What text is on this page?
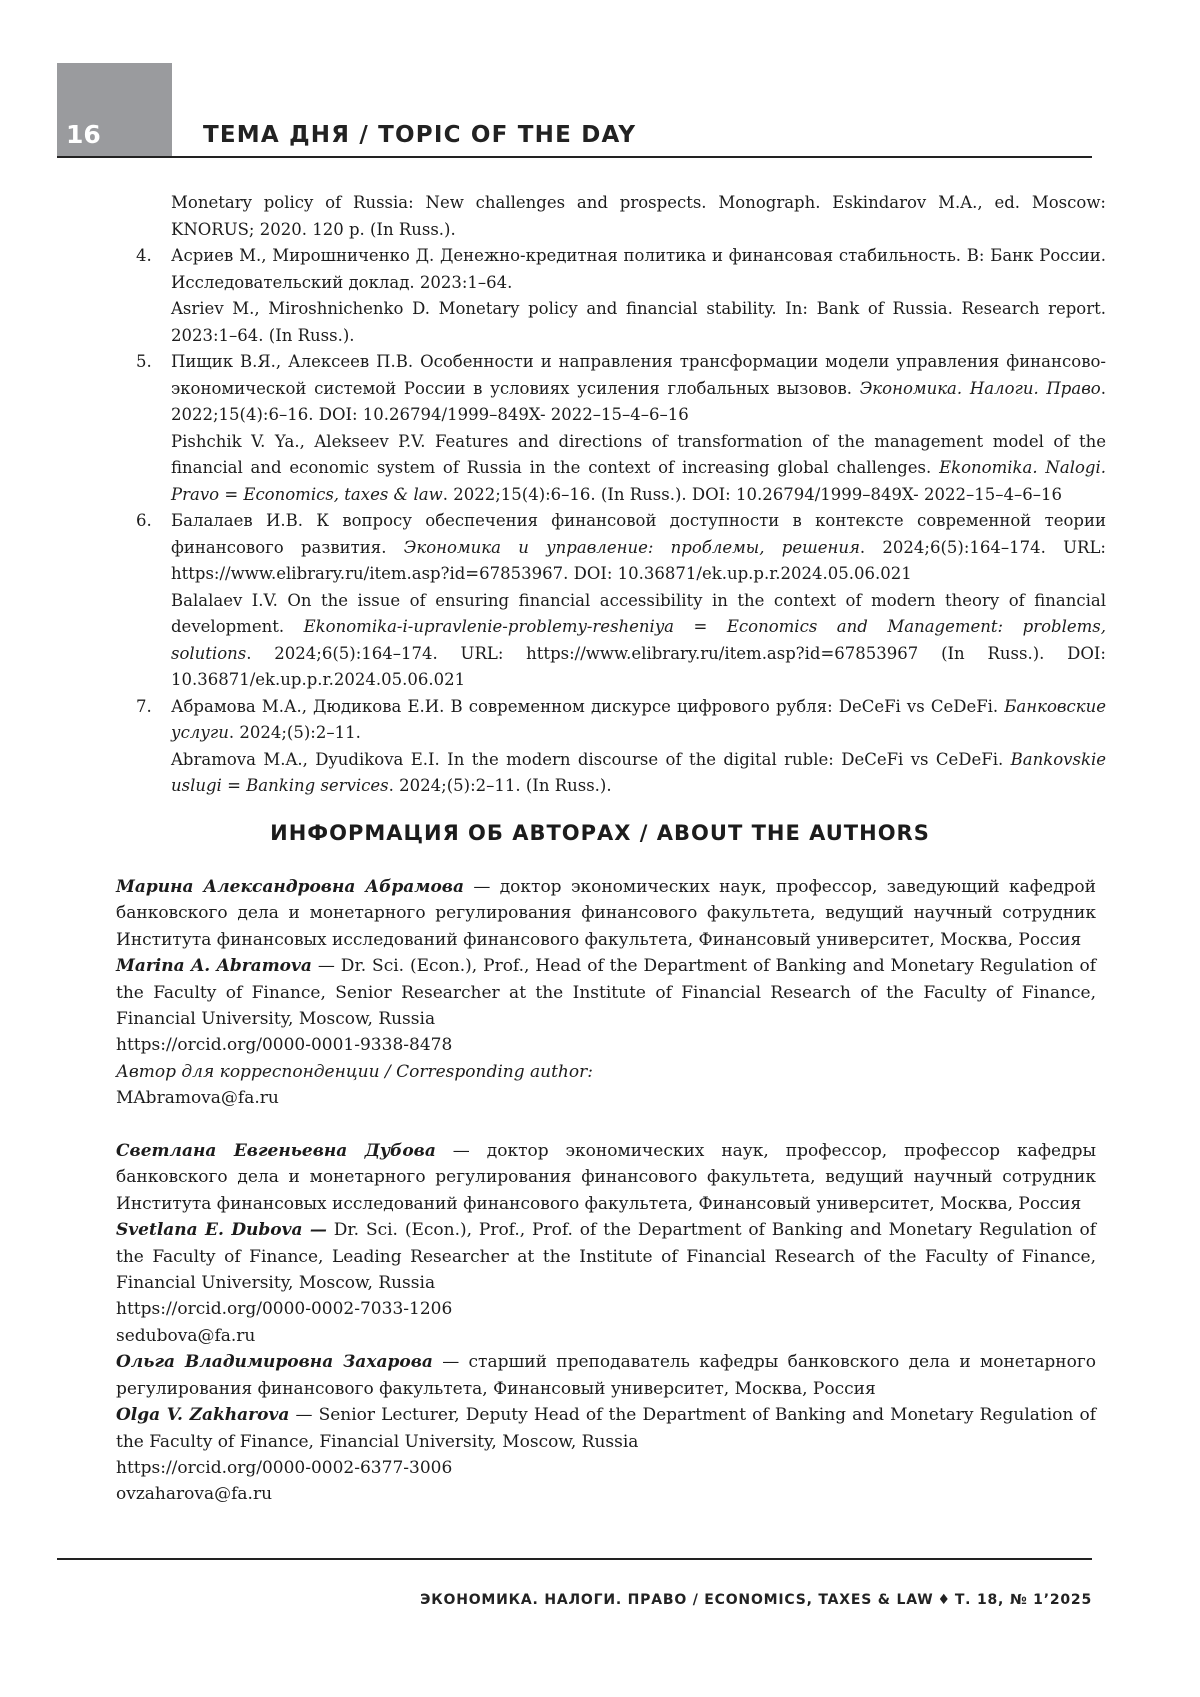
16	ТЕМА ДНЯ / TOPIC OF THE DAY

Monetary policy of Russia: New challenges and prospects. Monograph. Eskindarov M.A., ed. Moscow: KNORUS; 2020. 120 p. (In Russ.).

4. Асриев М., Мирошниченко Д. Денежно-кредитная политика и финансовая стабильность. В: Банк России. Исследовательский доклад. 2023:1–64.

Asriev M., Miroshnichenko D. Monetary policy and financial stability. In: Bank of Russia. Research report. 2023:1–64. (In Russ.).

5. Пищик В.Я., Алексеев П.В. Особенности и направления трансформации модели управления финансово-экономической системой России в условиях усиления глобальных вызовов. Экономика. Налоги. Право. 2022;15(4):6–16. DOI: 10.26794/1999–849X- 2022–15–4–6–16

Pishchik V. Ya., Alekseev P.V. Features and directions of transformation of the management model of the financial and economic system of Russia in the context of increasing global challenges. Ekonomika. Nalogi. Pravo = Economics, taxes & law. 2022;15(4):6–16. (In Russ.). DOI: 10.26794/1999–849X- 2022–15–4–6–16

6. Балалаев И.В. К вопросу обеспечения финансовой доступности в контексте современной теории финансового развития. Экономика и управление: проблемы, решения. 2024;6(5):164–174. URL: https://www.elibrary.ru/item.asp?id=67853967. DOI: 10.36871/ek.up.p.r.2024.05.06.021

Balalaev I.V. On the issue of ensuring financial accessibility in the context of modern theory of financial development. Ekonomika-i-upravlenie-problemy-resheniya = Economics and Management: problems, solutions. 2024;6(5):164–174. URL: https://www.elibrary.ru/item.asp?id=67853967 (In Russ.). DOI: 10.36871/ek.up.p.r.2024.05.06.021

7. Абрамова М.А., Дюдикова Е.И. В современном дискурсе цифрового рубля: DeCeFi vs CeDeFi. Банковские услуги. 2024;(5):2–11.

Abramova M.A., Dyudikova E.I. In the modern discourse of the digital ruble: DeCeFi vs CeDeFi. Bankovskie uslugi = Banking services. 2024;(5):2–11. (In Russ.).

ИНФОРМАЦИЯ ОБ АВТОРАХ / ABOUT THE AUTHORS

Марина Александровна Абрамова — доктор экономических наук, профессор, заведующий кафедрой банковского дела и монетарного регулирования финансового факультета, ведущий научный сотрудник Института финансовых исследований финансового факультета, Финансовый университет, Москва, Россия

Marina A. Abramova — Dr. Sci. (Econ.), Prof., Head of the Department of Banking and Monetary Regulation of the Faculty of Finance, Senior Researcher at the Institute of Financial Research of the Faculty of Finance, Financial University, Moscow, Russia

https://orcid.org/0000-0001-9338-8478

Автор для корреспонденции / Corresponding author:

MAbramova@fa.ru

Светлана Евгеньевна Дубова — доктор экономических наук, профессор, профессор кафедры банковского дела и монетарного регулирования финансового факультета, ведущий научный сотрудник Института финансовых исследований финансового факультета, Финансовый университет, Москва, Россия

Svetlana E. Dubova — Dr. Sci. (Econ.), Prof., Prof. of the Department of Banking and Monetary Regulation of the Faculty of Finance, Leading Researcher at the Institute of Financial Research of the Faculty of Finance, Financial University, Moscow, Russia

https://orcid.org/0000-0002-7033-1206

sedubova@fa.ru

Ольга Владимировна Захарова — старший преподаватель кафедры банковского дела и монетарного регулирования финансового факультета, Финансовый университет, Москва, Россия

Olga V. Zakharova — Senior Lecturer, Deputy Head of the Department of Banking and Monetary Regulation of the Faculty of Finance, Financial University, Moscow, Russia

https://orcid.org/0000-0002-6377-3006

ovzaharova@fa.ru

ЭКОНОМИКА. НАЛОГИ. ПРАВО / ECONOMICS, TAXES & LAW ♦ Т. 18, № 1’2025
